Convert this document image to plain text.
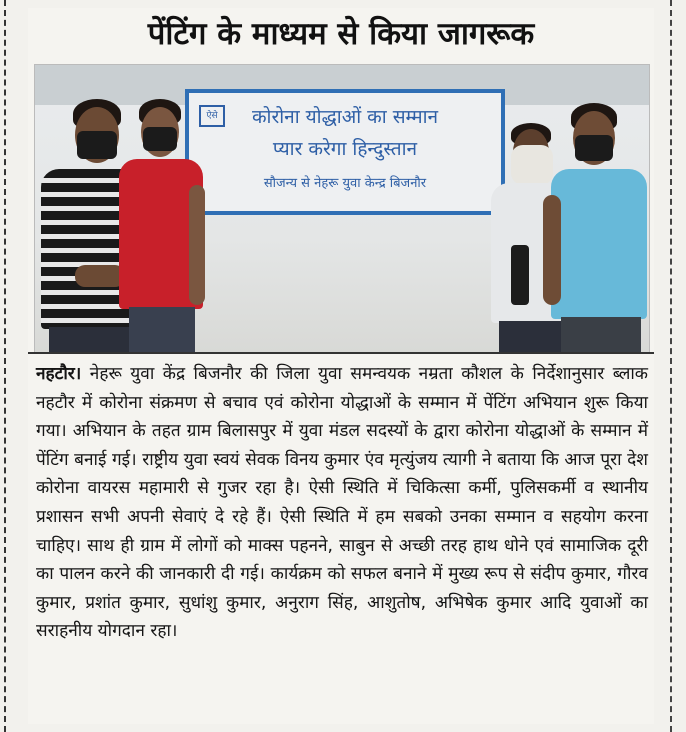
पेंटिंग के माध्यम से किया जागरूक
ऐसे	कोरोना योद्धाओं का सम्मान
प्यार करेगा हिन्दुस्तान
सौजन्य से नेहरू युवा केन्द्र बिजनौर
नहटौर। नेहरू युवा केंद्र बिजनौर की जिला युवा समन्वयक नम्रता कौशल के निर्देशानुसार ब्लाक नहटौर में कोरोना संक्रमण से बचाव एवं कोरोना योद्धाओं के सम्मान में पेंटिंग अभियान शुरू किया गया। अभियान के तहत ग्राम बिलासपुर में युवा मंडल सदस्यों के द्वारा कोरोना योद्धाओं के सम्मान में पेंटिंग बनाई गई। राष्ट्रीय युवा स्वयं सेवक विनय कुमार एंव मृत्युंजय त्यागी ने बताया कि आज पूरा देश कोरोना वायरस महामारी से गुजर रहा है। ऐसी स्थिति में चिकित्सा कर्मी, पुलिसकर्मी व स्थानीय प्रशासन सभी अपनी सेवाएं दे रहे हैं। ऐसी स्थिति में हम सबको उनका सम्मान व सहयोग करना चाहिए। साथ ही ग्राम में लोगों को माक्स पहनने, साबुन से अच्छी तरह हाथ धोने एवं सामाजिक दूरी का पालन करने की जानकारी दी गई। कार्यक्रम को सफल बनाने में मुख्य रूप से संदीप कुमार, गौरव कुमार, प्रशांत कुमार, सुधांशु कुमार, अनुराग सिंह, आशुतोष, अभिषेक कुमार आदि युवाओं का सराहनीय योगदान रहा।
